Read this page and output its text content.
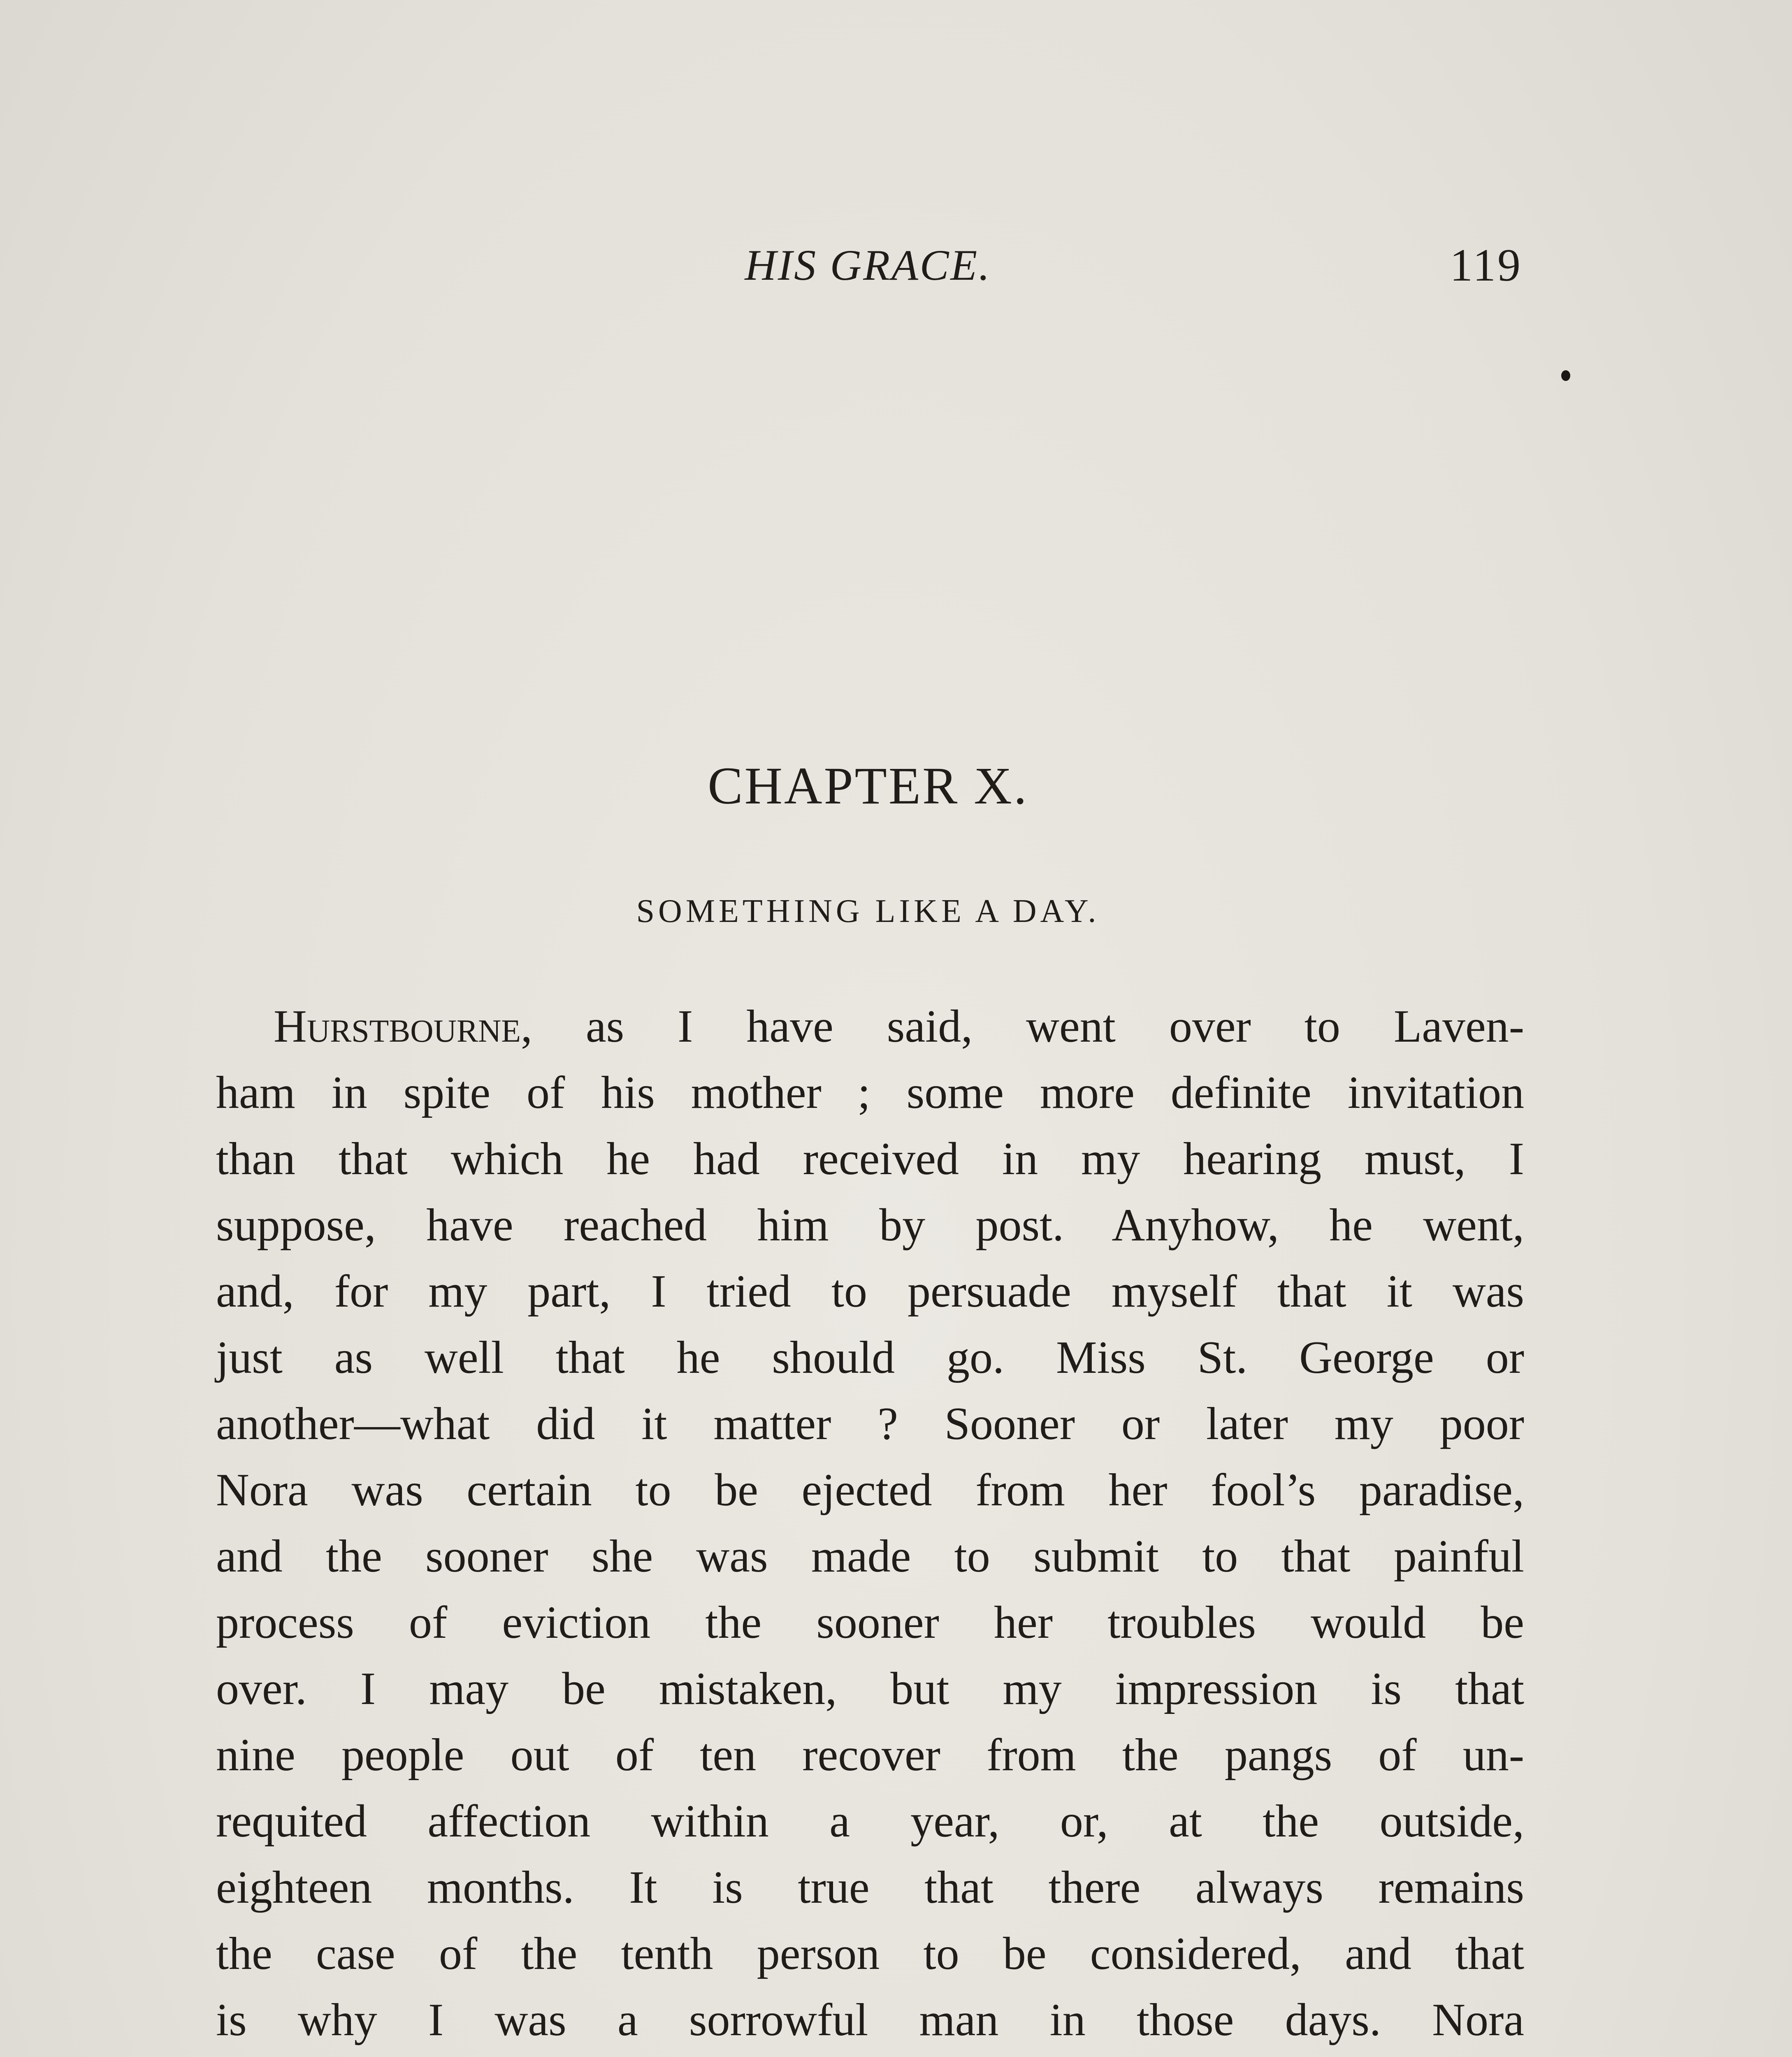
HIS GRACE.	119
CHAPTER X.
SOMETHING LIKE A DAY.
Hurstbourne, as I have said, went over to Laven-
ham in spite of his mother ; some more definite invitation
than that which he had received in my hearing must, I
suppose, have reached him by post. Anyhow, he went,
and, for my part, I tried to persuade myself that it was
just as well that he should go. Miss St. George or
another—what did it matter ? Sooner or later my poor
Nora was certain to be ejected from her fool’s paradise,
and the sooner she was made to submit to that painful
process of eviction the sooner her troubles would be
over. I may be mistaken, but my impression is that
nine people out of ten recover from the pangs of un-
requited affection within a year, or, at the outside,
eighteen months. It is true that there always remains
the case of the tenth person to be considered, and that
is why I was a sorrowful man in those days. Nora
